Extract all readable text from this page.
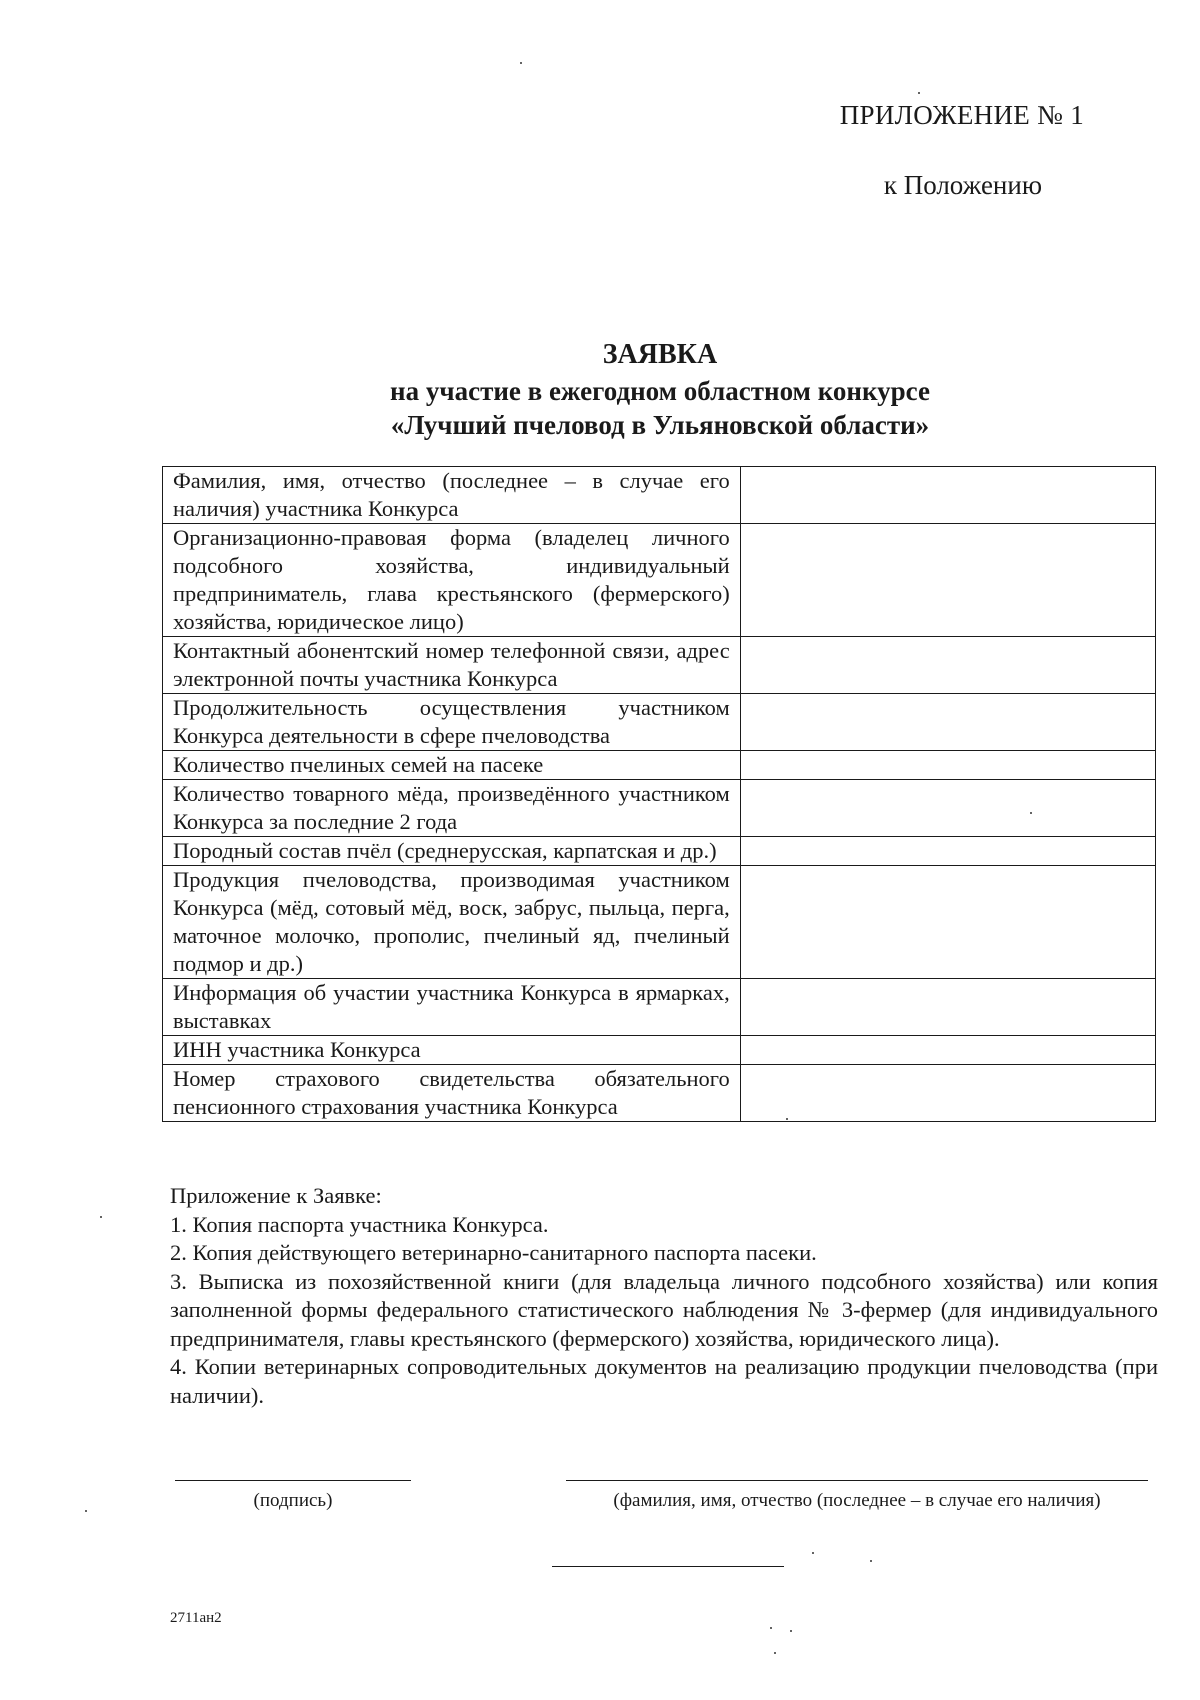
ПРИЛОЖЕНИЕ № 1
к Положению
ЗАЯВКА
на участие в ежегодном областном конкурсе
«Лучший пчеловод в Ульяновской области»
Фамилия, имя, отчество (последнее – в случае его наличия) участника Конкурса	
Организационно-правовая форма (владелец личного подсобного хозяйства, индивидуальный предприниматель, глава крестьянского (фермерского) хозяйства, юридическое лицо)	
Контактный абонентский номер телефонной связи, адрес электронной почты участника Конкурса	
Продолжительность осуществления участником Конкурса деятельности в сфере пчеловодства	
Количество пчелиных семей на пасеке	
Количество товарного мёда, произведённого участником Конкурса за последние 2 года	
Породный состав пчёл (среднерусская, карпатская и др.)	
Продукция пчеловодства, производимая участником Конкурса (мёд, сотовый мёд, воск, забрус, пыльца, перга, маточное молочко, прополис, пчелиный яд, пчелиный подмор и др.)	
Информация об участии участника Конкурса в ярмарках, выставках	
ИНН участника Конкурса	
Номер страхового свидетельства обязательного пенсионного страхования участника Конкурса	

Приложение к Заявке:

1. Копия паспорта участника Конкурса.

2. Копия действующего ветеринарно-санитарного паспорта пасеки.

3. Выписка из похозяйственной книги (для владельца личного подсобного хозяйства) или копия заполненной формы федерального статистического наблюдения № 3-фермер (для индивидуального предпринимателя, главы крестьянского (фермерского) хозяйства, юридического лица).

4. Копии ветеринарных сопроводительных документов на реализацию продукции пчеловодства (при наличии).

(подпись)	(фамилия, имя, отчество (последнее – в случае его наличия)
2711ан2
